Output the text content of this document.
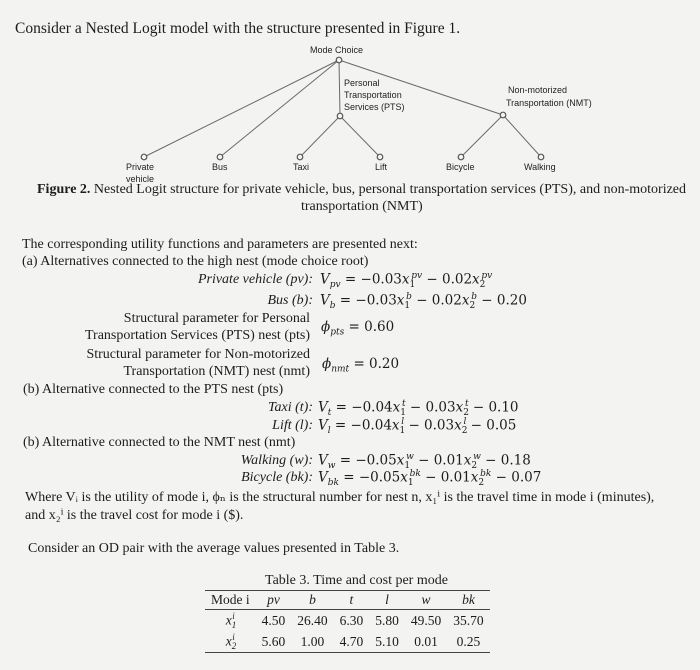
Consider a Nested Logit model with the structure presented in Figure 1.
Mode Choice
Personal
Transportation
Services (PTS)
Non-motorized
Transportation (NMT)
Private
vehicle
Bus	Taxi	Lift	Bicycle	Walking
Figure 2. Nested Logit structure for private vehicle, bus, personal transportation services (PTS), and non-motorized
transportation (NMT)
The corresponding utility functions and parameters are presented next:
(a) Alternatives connected to the high nest (mode choice root)
Private vehicle (pv): $V_{pv} = -0.03x_1^{pv} - 0.02x_2^{pv}$
Bus (b): $V_b = -0.03x_1^b - 0.02x_2^b - 0.20$
Structural parameter for Personal
Transportation Services (PTS) nest (pts)
$\phi_{pts} = 0.60$
Structural parameter for Non-motorized
Transportation (NMT) nest (nmt) $\phi_{nmt} = 0.20$
(b) Alternative connected to the PTS nest (pts)
Taxi (t): $V_t = -0.04x_1^t - 0.03x_2^t - 0.10$
Lift (l): $V_l = -0.04x_1^l - 0.03x_2^l - 0.05$
(b) Alternative connected to the NMT nest (nmt)
Walking (w): $V_w = -0.05x_1^w - 0.01x_2^w - 0.18$
Bicycle (bk): $V_{bk} = -0.05x_1^{bk} - 0.01x_2^{bk} - 0.07$
Where Vᵢ is the utility of mode i, ϕₙ is the structural number for nest n, x₁ⁱ is the travel time in mode i (minutes),
and x₂ⁱ is the travel cost for mode i ($).
Consider an OD pair with the average values presented in Table 3.
Table 3. Time and cost per mode
Mode i	pv	b	t	l	w	bk
$x_1^i$	4.50	26.40	6.30	5.80	49.50	35.70
$x_2^i$	5.60	1.00	4.70	5.10	0.01	0.25
